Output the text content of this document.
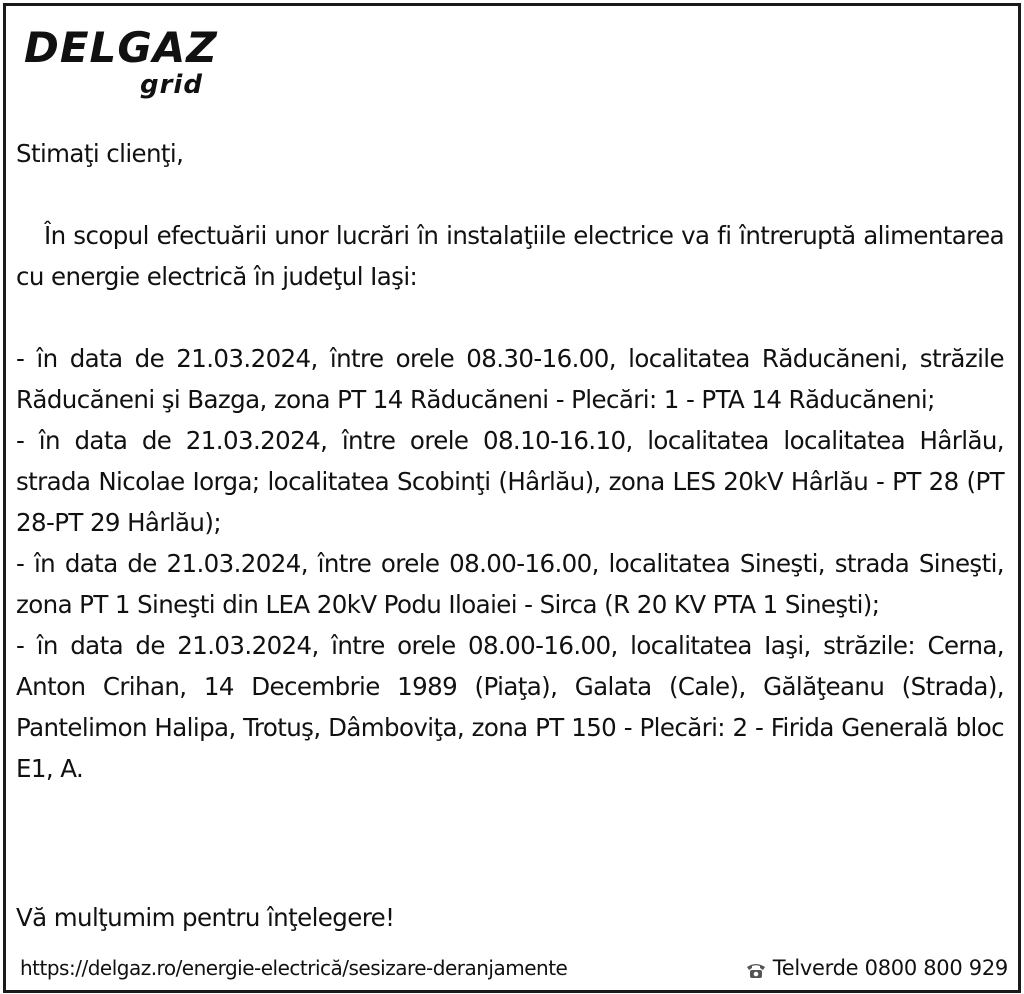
DELGAZ
grid

Stimaţi clienţi,

În scopul efectuării unor lucrări în instalaţiile electrice va fi întreruptă alimentarea cu energie electrică în judeţul Iaşi:

- în data de 21.03.2024, între orele 08.30-16.00, localitatea Răducăneni, străzile Răducăneni şi Bazga, zona PT 14 Răducăneni - Plecări: 1 - PTA 14 Răducăneni;

- în data de 21.03.2024, între orele 08.10-16.10, localitatea localitatea Hârlău, strada Nicolae Iorga; localitatea Scobinţi (Hârlău), zona LES 20kV Hârlău - PT 28 (PT 28-PT 29 Hârlău);

- în data de 21.03.2024, între orele 08.00-16.00, localitatea Sineşti, strada Sineşti, zona PT 1 Sineşti din LEA 20kV Podu Iloaiei - Sirca (R 20 KV PTA 1 Sineşti);

- în data de 21.03.2024, între orele 08.00-16.00, localitatea Iaşi, străzile: Cerna, Anton Crihan, 14 Decembrie 1989 (Piaţa), Galata (Cale), Gălăţeanu (Strada), Pantelimon Halipa, Trotuş, Dâmboviţa, zona PT 150 - Plecări: 2 - Firida Generală bloc E1, A.

Vă mulţumim pentru înţelegere!
https://delgaz.ro/energie-electrică/sesizare-deranjamente	Telverde 0800 800 929
